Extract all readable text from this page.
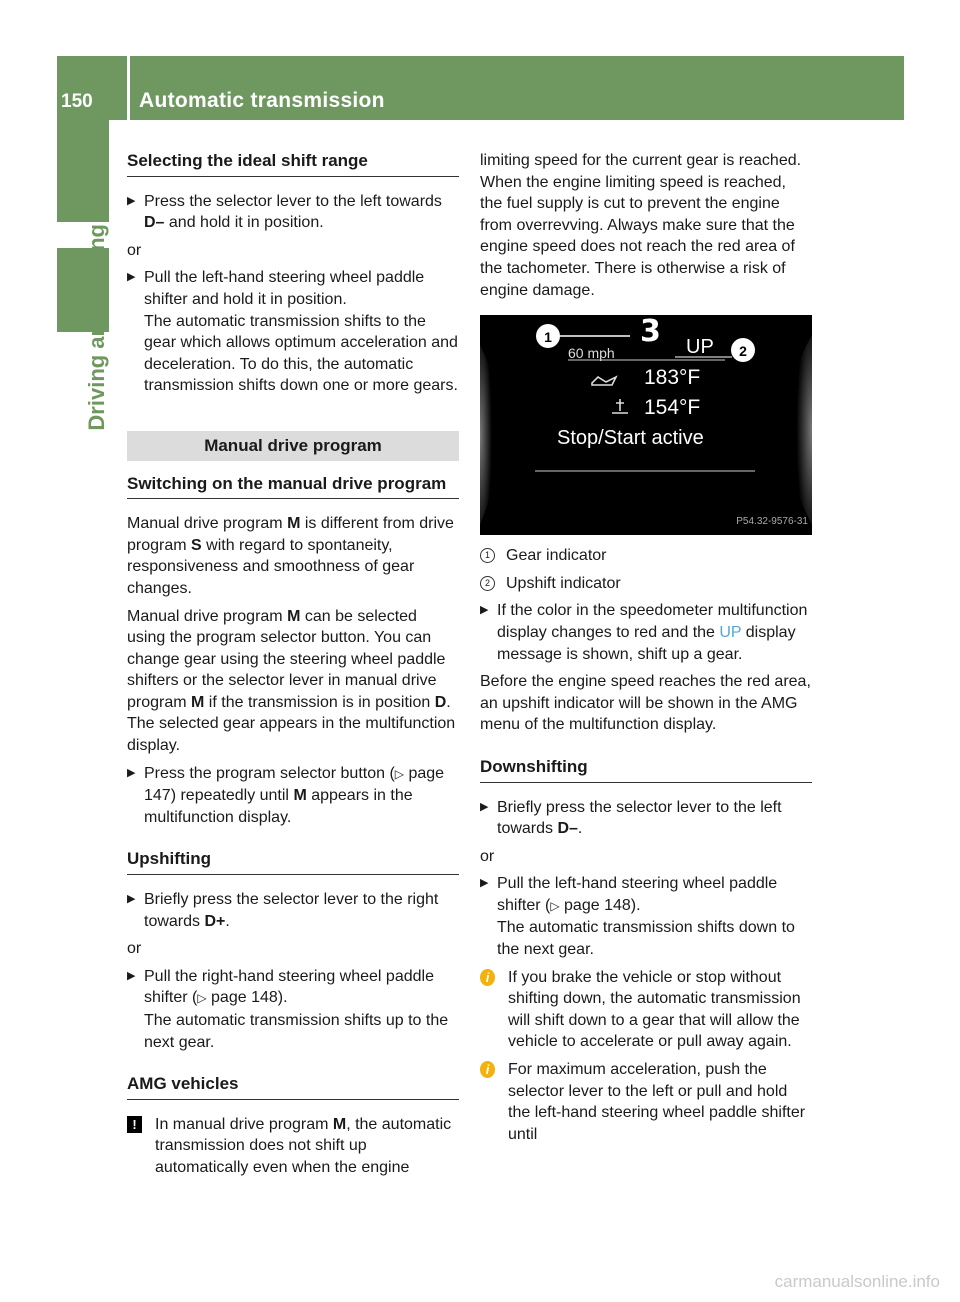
150	Automatic transmission
Driving and parking
Selecting the ideal shift range
▶ Press the selector lever to the left towards D– and hold it in position.

or

▶ Pull the left-hand steering wheel paddle shifter and hold it in position.
The automatic transmission shifts to the gear which allows optimum acceleration and deceleration. To do this, the automatic transmission shifts down one or more gears.
Manual drive program
Switching on the manual drive program

Manual drive program M is different from drive program S with regard to spontaneity, responsiveness and smoothness of gear changes.

Manual drive program M can be selected using the program selector button. You can change gear using the steering wheel paddle shifters or the selector lever in manual drive program M if the transmission is in position D. The selected gear appears in the multifunction display.

▶ Press the program selector button (▷ page 147) repeatedly until M appears in the multifunction display.
Upshifting
▶ Briefly press the selector lever to the right towards D+.

or

▶ Pull the right-hand steering wheel paddle shifter (▷ page 148).
The automatic transmission shifts up to the next gear.
AMG vehicles
!	In manual drive program M, the automatic transmission does not shift up automatically even when the engine

limiting speed for the current gear is reached. When the engine limiting speed is reached, the fuel supply is cut to prevent the engine from overrevving. Always make sure that the engine speed does not reach the red area of the tachometer. There is otherwise a risk of engine damage.

1
2
60 mph
3 UP
183°F
154°F
Stop/Start active
P54.32-9576-31
1	Gear indicator
2	Upshift indicator
▶ If the color in the speedometer multifunction display changes to red and the UP display message is shown, shift up a gear.

Before the engine speed reaches the red area, an upshift indicator will be shown in the AMG menu of the multifunction display.

Downshifting
▶ Briefly press the selector lever to the left towards D–.

or

▶ Pull the left-hand steering wheel paddle shifter (▷ page 148).
The automatic transmission shifts down to the next gear.
i	If you brake the vehicle or stop without shifting down, the automatic transmission will shift down to a gear that will allow the vehicle to accelerate or pull away again.
i	For maximum acceleration, push the selector lever to the left or pull and hold the left-hand steering wheel paddle shifter until
carmanualsonline.info
